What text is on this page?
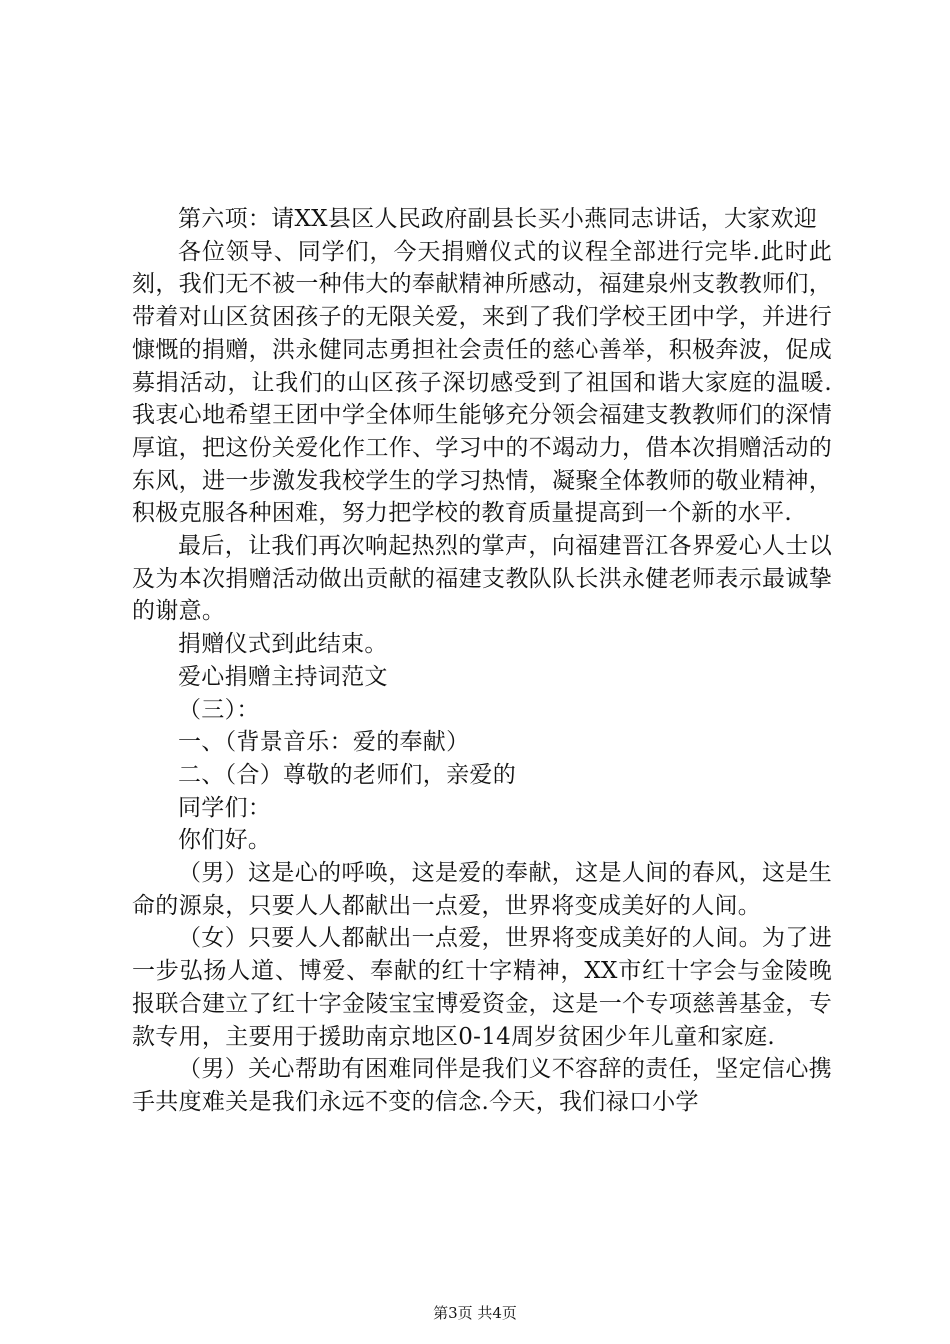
第六项：请XX县区人民政府副县长买小燕同志讲话，大家欢迎

各位领导、同学们，今天捐赠仪式的议程全部进行完毕.此时此刻，我们无不被一种伟大的奉献精神所感动，福建泉州支教教师们，带着对山区贫困孩子的无限关爱，来到了我们学校王团中学，并进行慷慨的捐赠，洪永健同志勇担社会责任的慈心善举，积极奔波，促成募捐活动，让我们的山区孩子深切感受到了祖国和谐大家庭的温暖.我衷心地希望王团中学全体师生能够充分领会福建支教教师们的深情厚谊，把这份关爱化作工作、学习中的不竭动力，借本次捐赠活动的东风，进一步激发我校学生的学习热情，凝聚全体教师的敬业精神，积极克服各种困难，努力把学校的教育质量提高到一个新的水平.

最后，让我们再次响起热烈的掌声，向福建晋江各界爱心人士以及为本次捐赠活动做出贡献的福建支教队队长洪永健老师表示最诚挚的谢意。

捐赠仪式到此结束。

爱心捐赠主持词范文

（三）：

一、（背景音乐：爱的奉献）

二、（合）尊敬的老师们，亲爱的

同学们：

你们好。

（男）这是心的呼唤，这是爱的奉献，这是人间的春风，这是生命的源泉，只要人人都献出一点爱，世界将变成美好的人间。

（女）只要人人都献出一点爱，世界将变成美好的人间。为了进一步弘扬人道、博爱、奉献的红十字精神，XX市红十字会与金陵晚报联合建立了红十字金陵宝宝博爱资金，这是一个专项慈善基金，专款专用，主要用于援助南京地区0-14周岁贫困少年儿童和家庭.

（男）关心帮助有困难同伴是我们义不容辞的责任，坚定信心携手共度难关是我们永远不变的信念.今天，我们禄口小学

第3页 共4页
